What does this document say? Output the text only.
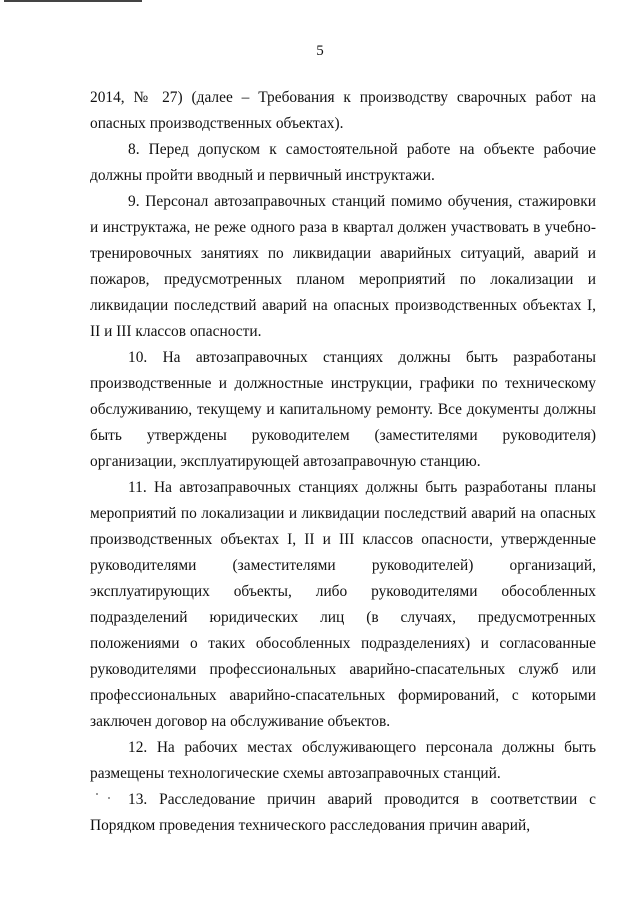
5

2014, № 27) (далее – Требования к производству сварочных работ на опасных производственных объектах).

8. Перед допуском к самостоятельной работе на объекте рабочие должны пройти вводный и первичный инструктажи.

9. Персонал автозаправочных станций помимо обучения, стажировки и инструктажа, не реже одного раза в квартал должен участвовать в учебно-тренировочных занятиях по ликвидации аварийных ситуаций, аварий и пожаров, предусмотренных планом мероприятий по локализации и ликвидации последствий аварий на опасных производственных объектах I, II и III классов опасности.

10. На автозаправочных станциях должны быть разработаны производственные и должностные инструкции, графики по техническому обслуживанию, текущему и капитальному ремонту. Все документы должны быть утверждены руководителем (заместителями руководителя) организации, эксплуатирующей автозаправочную станцию.

11. На автозаправочных станциях должны быть разработаны планы мероприятий по локализации и ликвидации последствий аварий на опасных производственных объектах I, II и III классов опасности, утвержденные руководителями (заместителями руководителей) организаций, эксплуатирующих объекты, либо руководителями обособленных подразделений юридических лиц (в случаях, предусмотренных положениями о таких обособленных подразделениях) и согласованные руководителями профессиональных аварийно-спасательных служб или профессиональных аварийно-спасательных формирований, с которыми заключен договор на обслуживание объектов.

12. На рабочих местах обслуживающего персонала должны быть размещены технологические схемы автозаправочных станций.

13. Расследование причин аварий проводится в соответствии с Порядком проведения технического расследования причин аварий,
